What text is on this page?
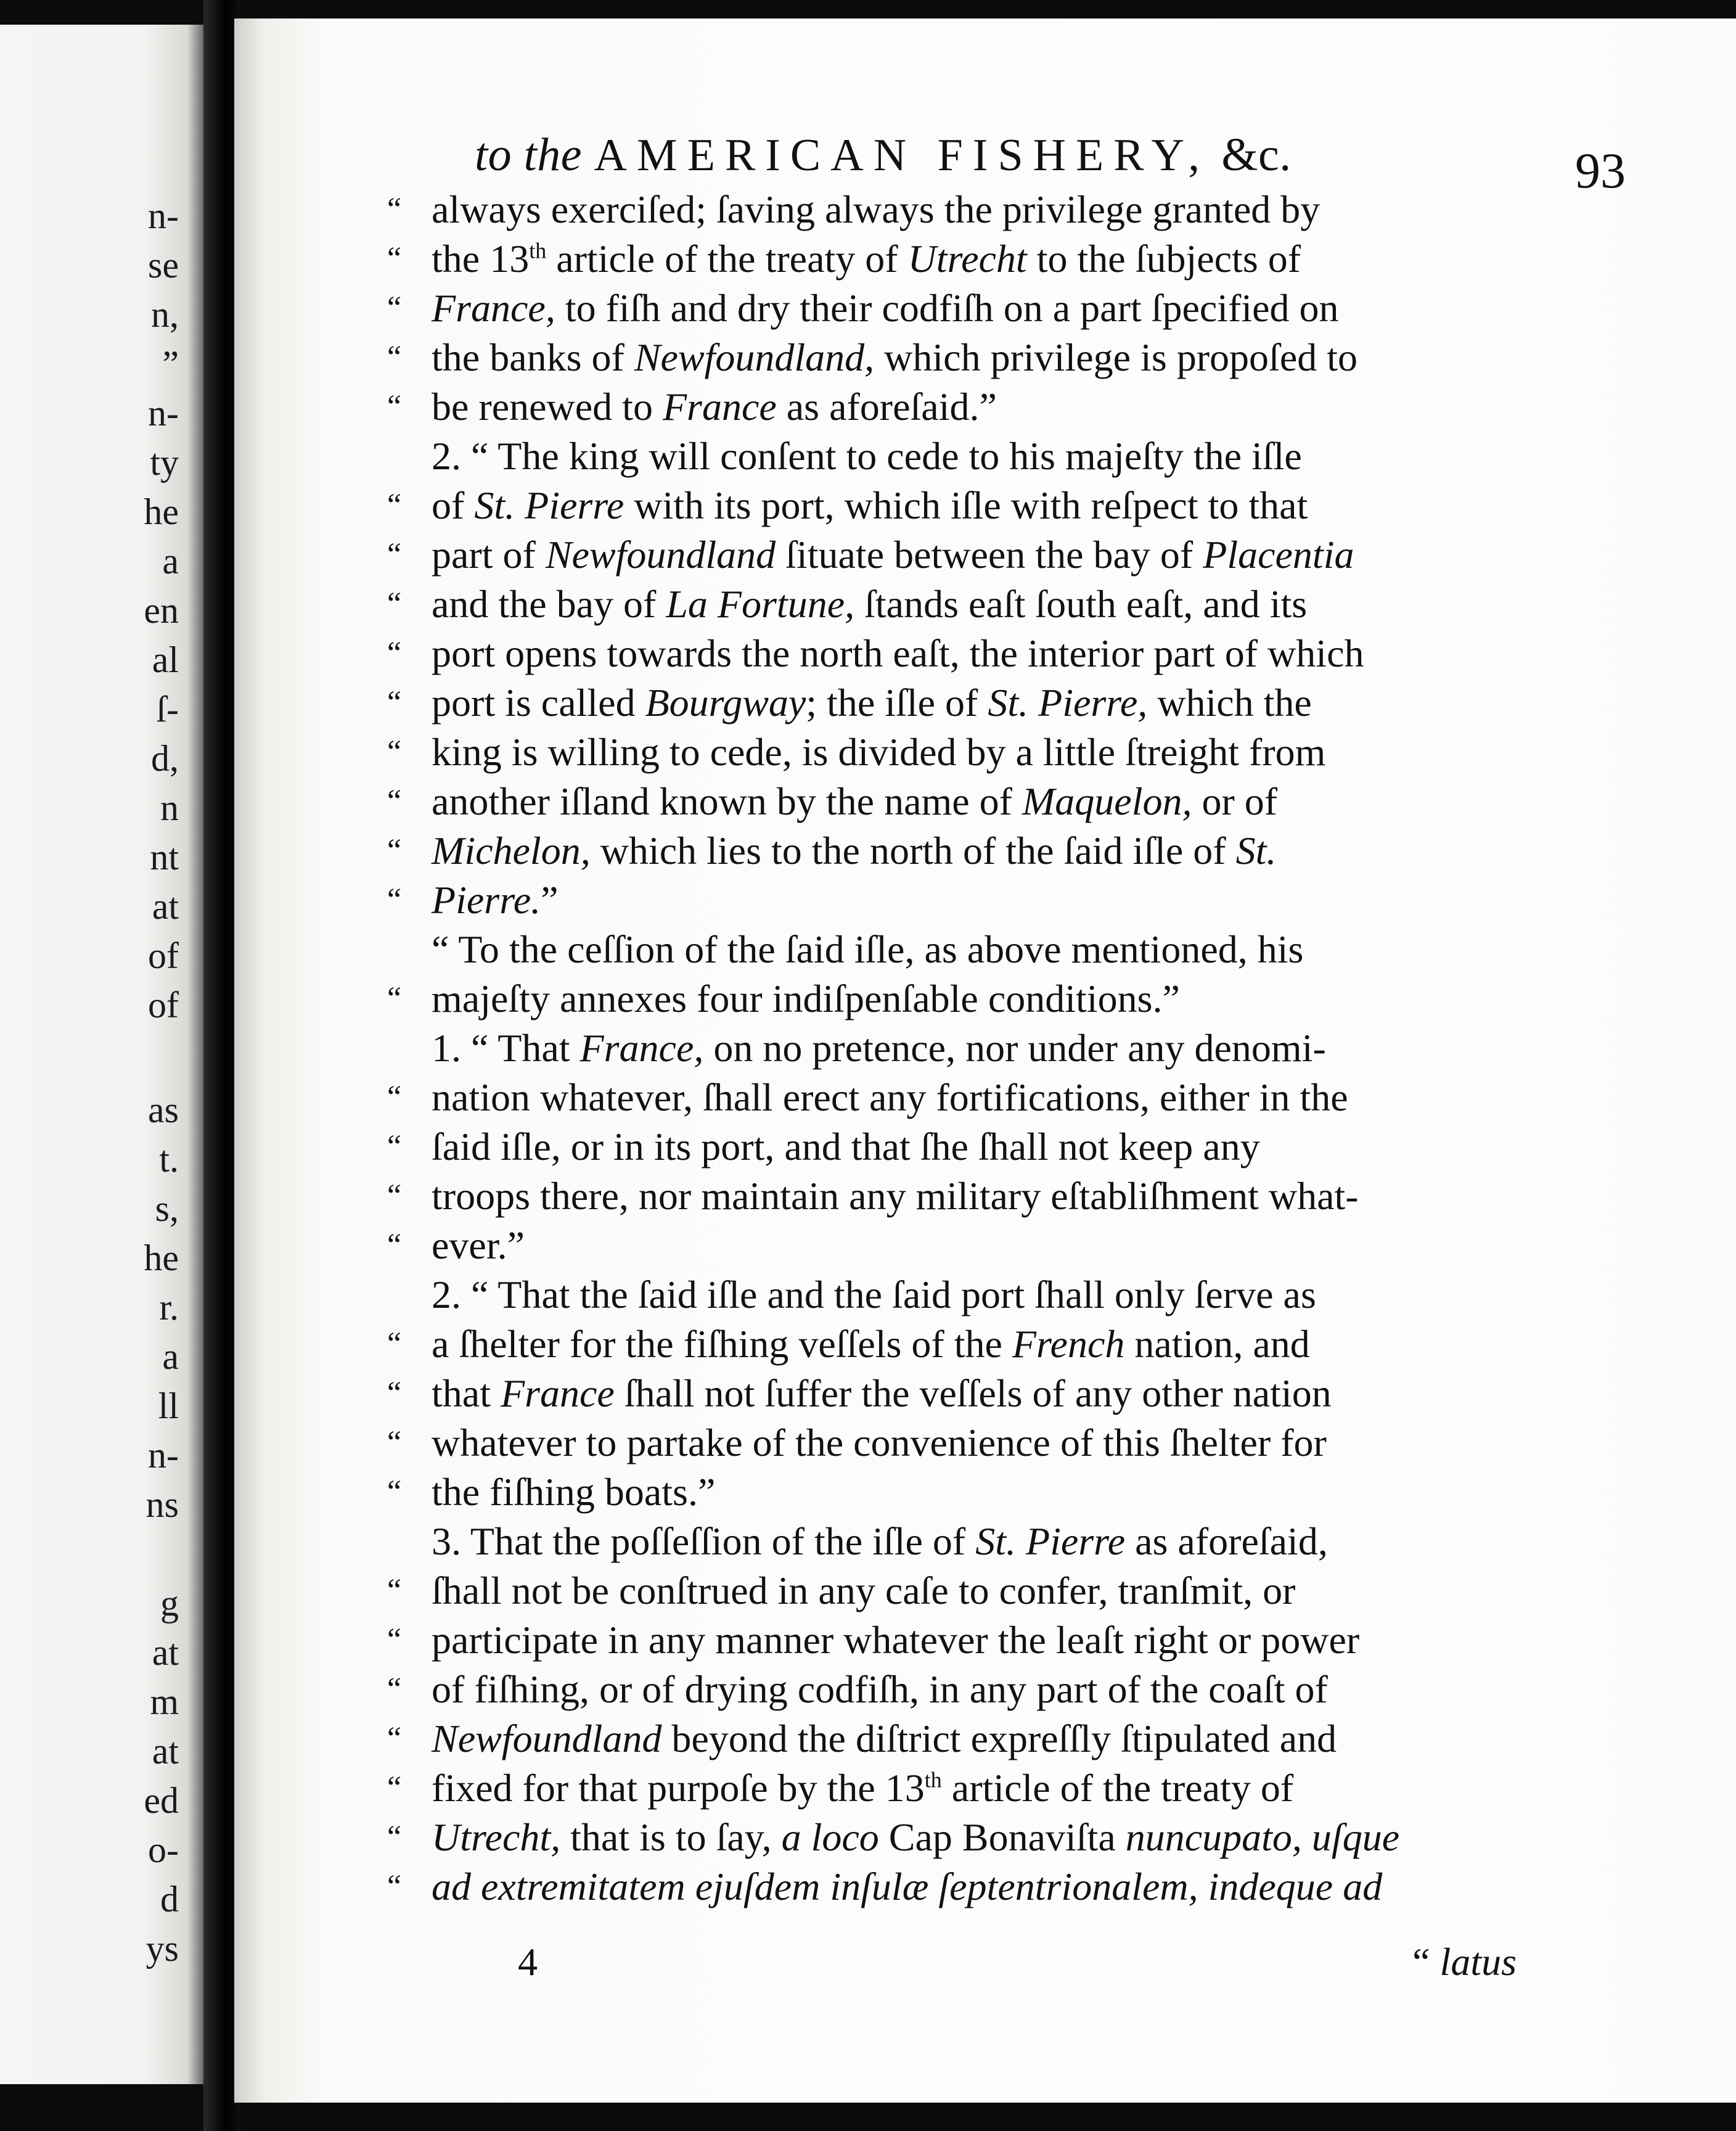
n-
se
n,
”
n-
ty
he
a
en
al
ſ-
d,
n
nt
at
of
of
as
t.
s,
he
r.
a
ll
n-
ns
g
at
m
at
ed
o-
d
ys
to the AMERICAN FISHERY, &c.	93
“ always exerciſed; ſaving always the privilege granted by
“ the 13th article of the treaty of Utrecht to the ſubjects of
“ France, to fiſh and dry their codfiſh on a part ſpecified on
“ the banks of Newfoundland, which privilege is propoſed to
“ be renewed to France as aforeſaid.”
2. “ The king will conſent to cede to his majeſty the iſle
“ of St. Pierre with its port, which iſle with reſpect to that
“ part of Newfoundland ſituate between the bay of Placentia
“ and the bay of La Fortune, ſtands eaſt ſouth eaſt, and its
“ port opens towards the north eaſt, the interior part of which
“ port is called Bourgway; the iſle of St. Pierre, which the
“ king is willing to cede, is divided by a little ſtreight from
“ another iſland known by the name of Maquelon, or of
“ Michelon, which lies to the north of the ſaid iſle of St.
“ Pierre.”
“ To the ceſſion of the ſaid iſle, as above mentioned, his
“ majeſty annexes four indiſpenſable conditions.”
1. “ That France, on no pretence, nor under any denomi-
“ nation whatever, ſhall erect any fortifications, either in the
“ ſaid iſle, or in its port, and that ſhe ſhall not keep any
“ troops there, nor maintain any military eſtabliſhment what-
“ ever.”
2. “ That the ſaid iſle and the ſaid port ſhall only ſerve as
“ a ſhelter for the fiſhing veſſels of the French nation, and
“ that France ſhall not ſuffer the veſſels of any other nation
“ whatever to partake of the convenience of this ſhelter for
“ the fiſhing boats.”
3. That the poſſeſſion of the iſle of St. Pierre as aforeſaid,
“ ſhall not be conſtrued in any caſe to confer, tranſmit, or
“ participate in any manner whatever the leaſt right or power
“ of fiſhing, or of drying codfiſh, in any part of the coaſt of
“ Newfoundland beyond the diſtrict expreſſly ſtipulated and
“ fixed for that purpoſe by the 13th article of the treaty of
“ Utrecht, that is to ſay, a loco Cap Bonaviſta nuncupato, uſque
“ ad extremitatem ejuſdem inſulæ ſeptentrionalem, indeque ad
4	“ latus
